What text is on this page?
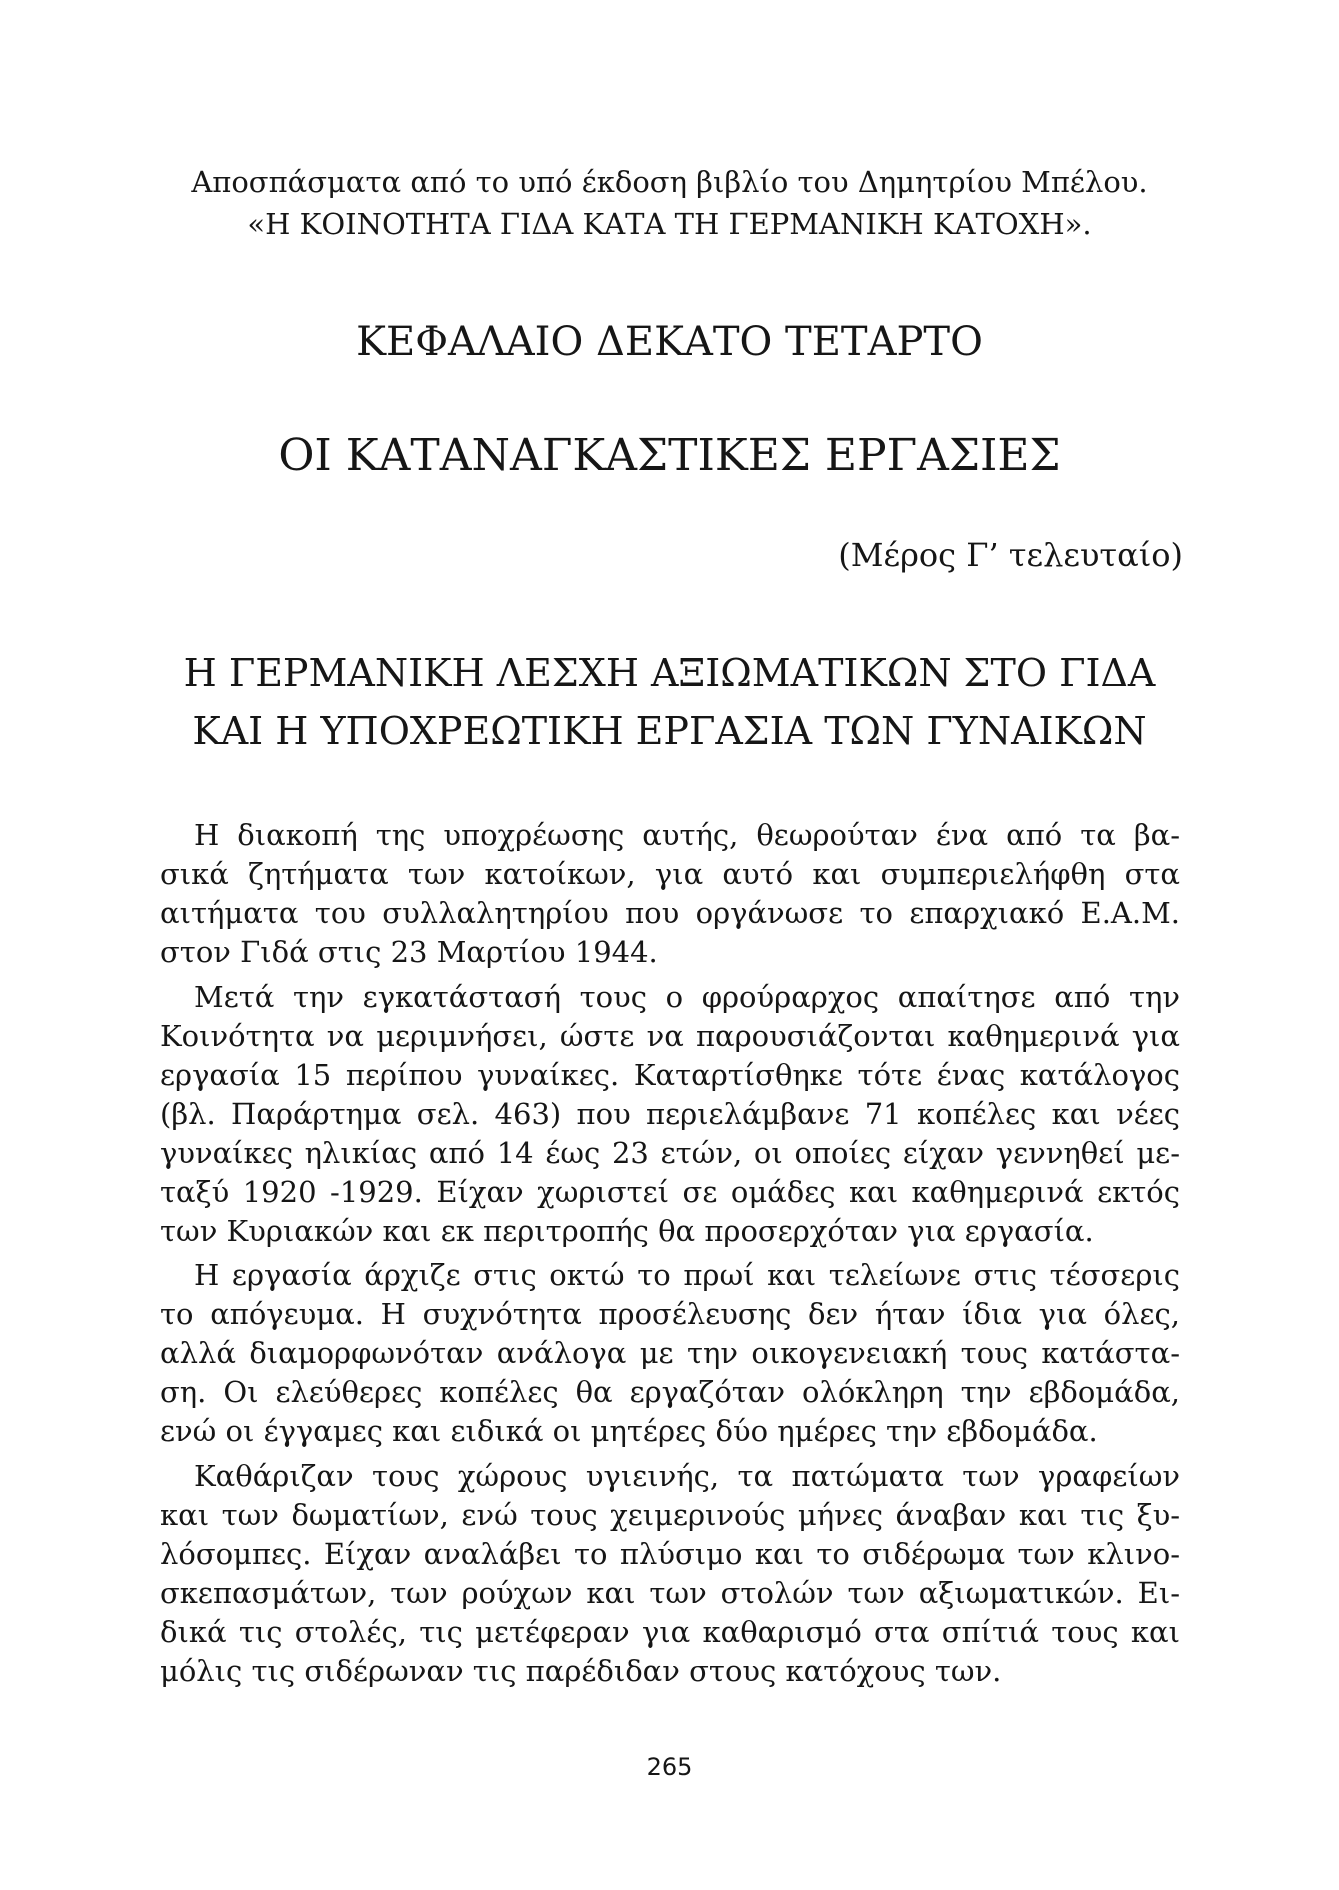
Αποσπάσματα από το υπό έκδοση βιβλίο του Δημητρίου Μπέλου.
«Η ΚΟΙΝΟΤΗΤΑ ΓΙΔΑ ΚΑΤΑ ΤΗ ΓΕΡΜΑΝΙΚΗ ΚΑΤΟΧΗ».
ΚΕΦΑΛΑΙΟ ΔΕΚΑΤΟ ΤΕΤΑΡΤΟ
ΟΙ ΚΑΤΑΝΑΓΚΑΣΤΙΚΕΣ ΕΡΓΑΣΙΕΣ
(Μέρος Γ’ τελευταίο)
Η ΓΕΡΜΑΝΙΚΗ ΛΕΣΧΗ ΑΞΙΩΜΑΤΙΚΩΝ ΣΤΟ ΓΙΔΑ
ΚΑΙ Η ΥΠΟΧΡΕΩΤΙΚΗ ΕΡΓΑΣΙΑ ΤΩΝ ΓΥΝΑΙΚΩΝ
Η διακοπή της υποχρέωσης αυτής, θεωρούταν ένα από τα βα-
σικά ζητήματα των κατοίκων, για αυτό και συμπεριελήφθη στα
αιτήματα του συλλαλητηρίου που οργάνωσε το επαρχιακό Ε.Α.Μ.
στον Γιδά στις 23 Μαρτίου 1944.
Μετά την εγκατάστασή τους ο φρούραρχος απαίτησε από την
Κοινότητα να μεριμνήσει, ώστε να παρουσιάζονται καθημερινά για
εργασία 15 περίπου γυναίκες. Καταρτίσθηκε τότε ένας κατάλογος
(βλ. Παράρτημα σελ. 463) που περιελάμβανε 71 κοπέλες και νέες
γυναίκες ηλικίας από 14 έως 23 ετών, οι οποίες είχαν γεννηθεί με-
ταξύ 1920 -1929. Είχαν χωριστεί σε ομάδες και καθημερινά εκτός
των Κυριακών και εκ περιτροπής θα προσερχόταν για εργασία.
Η εργασία άρχιζε στις οκτώ το πρωί και τελείωνε στις τέσσερις
το απόγευμα. Η συχνότητα προσέλευσης δεν ήταν ίδια για όλες,
αλλά διαμορφωνόταν ανάλογα με την οικογενειακή τους κατάστα-
ση. Οι ελεύθερες κοπέλες θα εργαζόταν ολόκληρη την εβδομάδα,
ενώ οι έγγαμες και ειδικά οι μητέρες δύο ημέρες την εβδομάδα.
Καθάριζαν τους χώρους υγιεινής, τα πατώματα των γραφείων
και των δωματίων, ενώ τους χειμερινούς μήνες άναβαν και τις ξυ-
λόσομπες. Είχαν αναλάβει το πλύσιμο και το σιδέρωμα των κλινο-
σκεπασμάτων, των ρούχων και των στολών των αξιωματικών. Ει-
δικά τις στολές, τις μετέφεραν για καθαρισμό στα σπίτιά τους και
μόλις τις σιδέρωναν τις παρέδιδαν στους κατόχους των.
265
